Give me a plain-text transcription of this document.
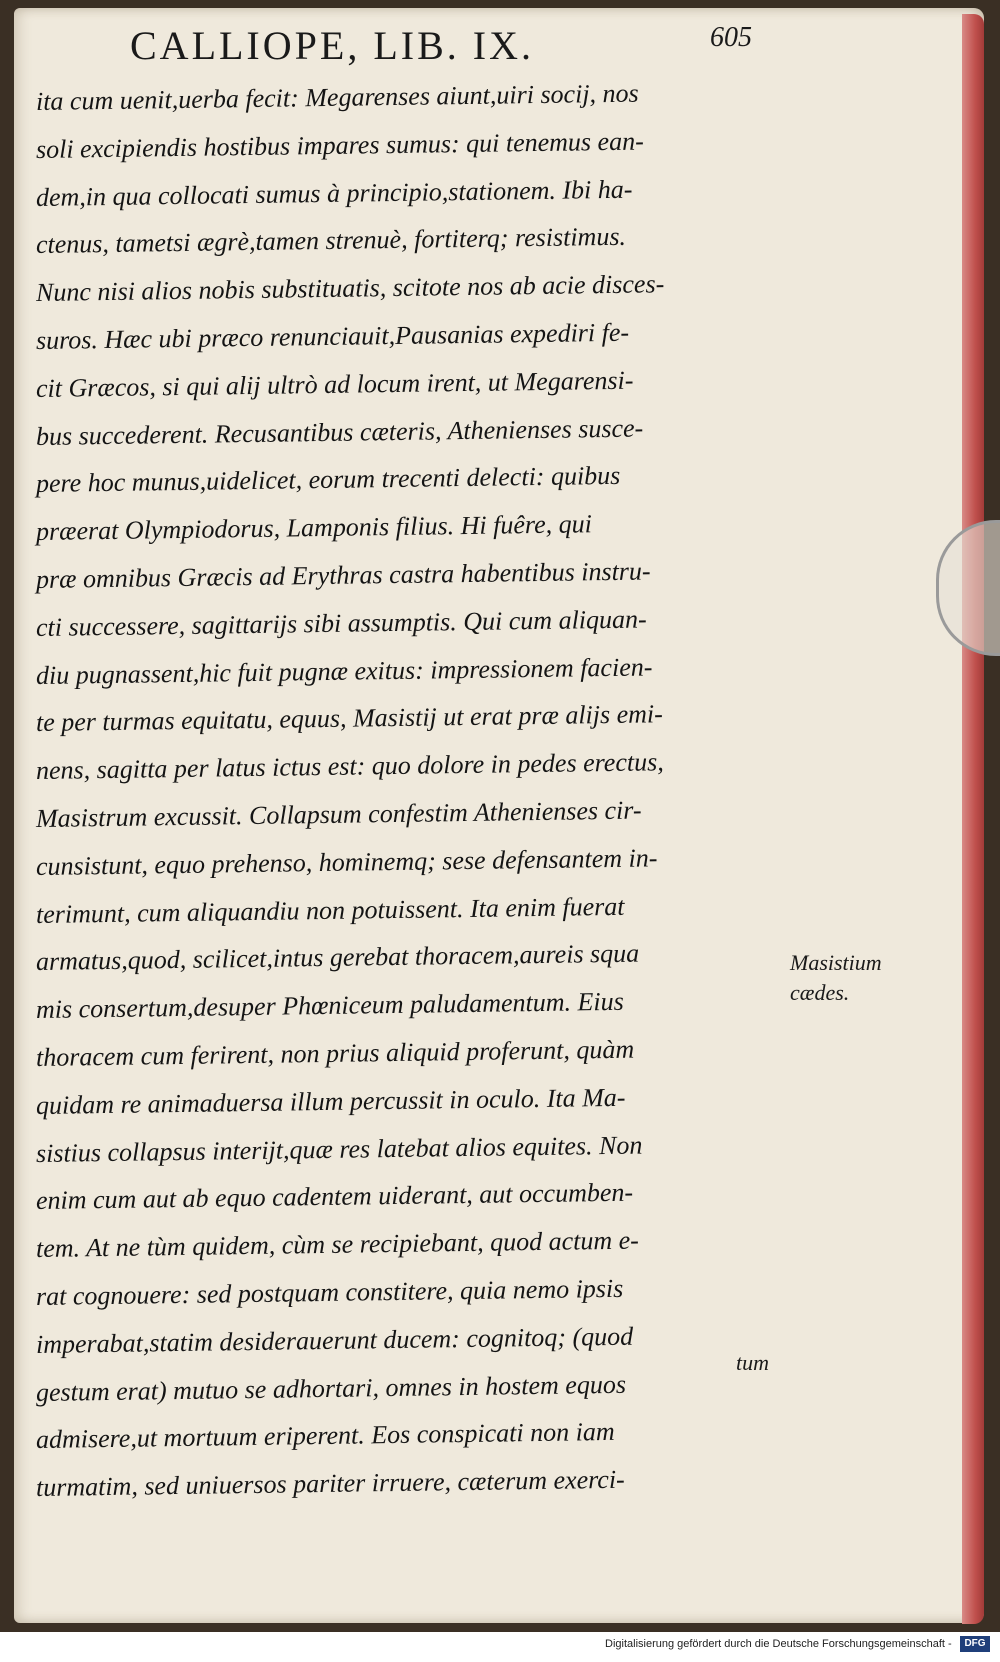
CALLIOPE, LIB. IX.	605
ita cum uenit,uerba fecit: Megarenses aiunt,uiri socij, nos
soli excipiendis hostibus impares sumus: qui tenemus ean-
dem,in qua collocati sumus à principio,stationem. Ibi ha-
ctenus, tametsi ægrè,tamen strenuè, fortiterq; resistimus.
Nunc nisi alios nobis substituatis, scitote nos ab acie disces-
suros. Hæc ubi præco renunciauit,Pausanias expediri fe-
cit Græcos, si qui alij ultrò ad locum irent, ut Megarensi-
bus succederent. Recusantibus cæteris, Athenienses susce-
pere hoc munus,uidelicet, eorum trecenti delecti: quibus
præerat Olympiodorus, Lamponis filius. Hi fuêre, qui
præ omnibus Græcis ad Erythras castra habentibus instru-
cti successere, sagittarijs sibi assumptis. Qui cum aliquan-
diu pugnassent,hic fuit pugnæ exitus: impressionem facien-
te per turmas equitatu, equus, Masistij ut erat præ alijs emi-
nens, sagitta per latus ictus est: quo dolore in pedes erectus,
Masistrum excussit. Collapsum confestim Athenienses cir-
cunsistunt, equo prehenso, hominemq; sese defensantem in-
terimunt, cum aliquandiu non potuissent. Ita enim fuerat
armatus,quod, scilicet,intus gerebat thoracem,aureis squa
mis consertum,desuper Phœniceum paludamentum. Eius
thoracem cum ferirent, non prius aliquid proferunt, quàm
quidam re animaduersa illum percussit in oculo. Ita Ma-
sistius collapsus interijt,quæ res latebat alios equites. Non
enim cum aut ab equo cadentem uiderant, aut occumben-
tem. At ne tùm quidem, cùm se recipiebant, quod actum e-
rat cognouere: sed postquam constitere, quia nemo ipsis
imperabat,statim desiderauerunt ducem: cognitoq; (quod
gestum erat) mutuo se adhortari, omnes in hostem equos
admisere,ut mortuum eriperent. Eos conspicati non iam
turmatim, sed uniuersos pariter irruere, cæterum exerci-
Masistium
cædes.
tum
Digitalisierung gefördert durch die Deutsche Forschungsgemeinschaft -	DFG
